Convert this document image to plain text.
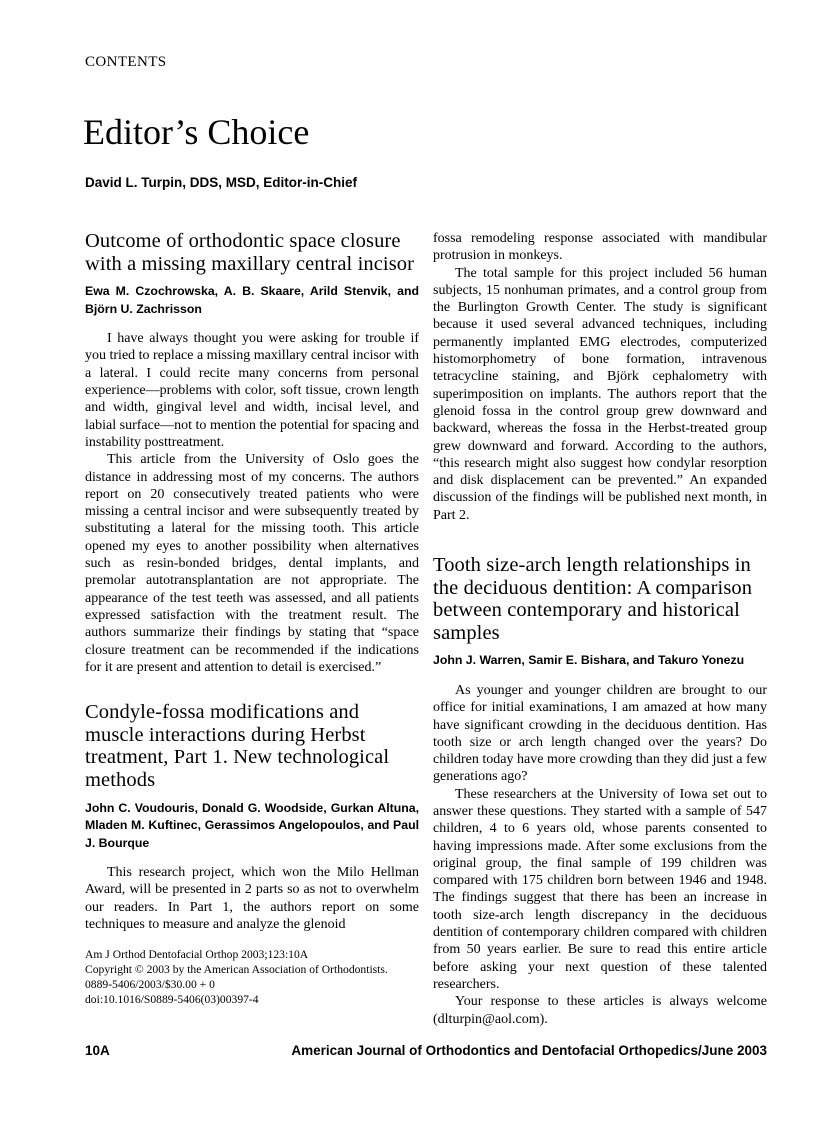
CONTENTS
Editor’s Choice
David L. Turpin, DDS, MSD, Editor-in-Chief
Outcome of orthodontic space closure with a missing maxillary central incisor
Ewa M. Czochrowska, A. B. Skaare, Arild Stenvik, and Björn U. Zachrisson

I have always thought you were asking for trouble if you tried to replace a missing maxillary central incisor with a lateral. I could recite many concerns from personal experience—problems with color, soft tissue, crown length and width, gingival level and width, incisal level, and labial surface—not to mention the potential for spacing and instability posttreatment.

This article from the University of Oslo goes the distance in addressing most of my concerns. The authors report on 20 consecutively treated patients who were missing a central incisor and were subsequently treated by substituting a lateral for the missing tooth. This article opened my eyes to another possibility when alternatives such as resin-bonded bridges, dental implants, and premolar autotransplantation are not appropriate. The appearance of the test teeth was assessed, and all patients expressed satisfaction with the treatment result. The authors summarize their findings by stating that “space closure treatment can be recommended if the indications for it are present and attention to detail is exercised.”

Condyle-fossa modifications and muscle interactions during Herbst treatment, Part 1. New technological methods
John C. Voudouris, Donald G. Woodside, Gurkan Altuna, Mladen M. Kuftinec, Gerassimos Angelopoulos, and Paul J. Bourque

This research project, which won the Milo Hellman Award, will be presented in 2 parts so as not to overwhelm our readers. In Part 1, the authors report on some techniques to measure and analyze the glenoid

Am J Orthod Dentofacial Orthop 2003;123:10A
Copyright © 2003 by the American Association of Orthodontists.
0889-5406/2003/$30.00 + 0
doi:10.1016/S0889-5406(03)00397-4

fossa remodeling response associated with mandibular protrusion in monkeys.

The total sample for this project included 56 human subjects, 15 nonhuman primates, and a control group from the Burlington Growth Center. The study is significant because it used several advanced techniques, including permanently implanted EMG electrodes, computerized histomorphometry of bone formation, intravenous tetracycline staining, and Björk cephalometry with superimposition on implants. The authors report that the glenoid fossa in the control group grew downward and backward, whereas the fossa in the Herbst-treated group grew downward and forward. According to the authors, “this research might also suggest how condylar resorption and disk displacement can be prevented.” An expanded discussion of the findings will be published next month, in Part 2.

Tooth size-arch length relationships in the deciduous dentition: A comparison between contemporary and historical samples
John J. Warren, Samir E. Bishara, and Takuro Yonezu

As younger and younger children are brought to our office for initial examinations, I am amazed at how many have significant crowding in the deciduous dentition. Has tooth size or arch length changed over the years? Do children today have more crowding than they did just a few generations ago?

These researchers at the University of Iowa set out to answer these questions. They started with a sample of 547 children, 4 to 6 years old, whose parents consented to having impressions made. After some exclusions from the original group, the final sample of 199 children was compared with 175 children born between 1946 and 1948. The findings suggest that there has been an increase in tooth size-arch length discrepancy in the deciduous dentition of contemporary children compared with children from 50 years earlier. Be sure to read this entire article before asking your next question of these talented researchers.

Your response to these articles is always welcome (dlturpin@aol.com).

10A	American Journal of Orthodontics and Dentofacial Orthopedics/June 2003
